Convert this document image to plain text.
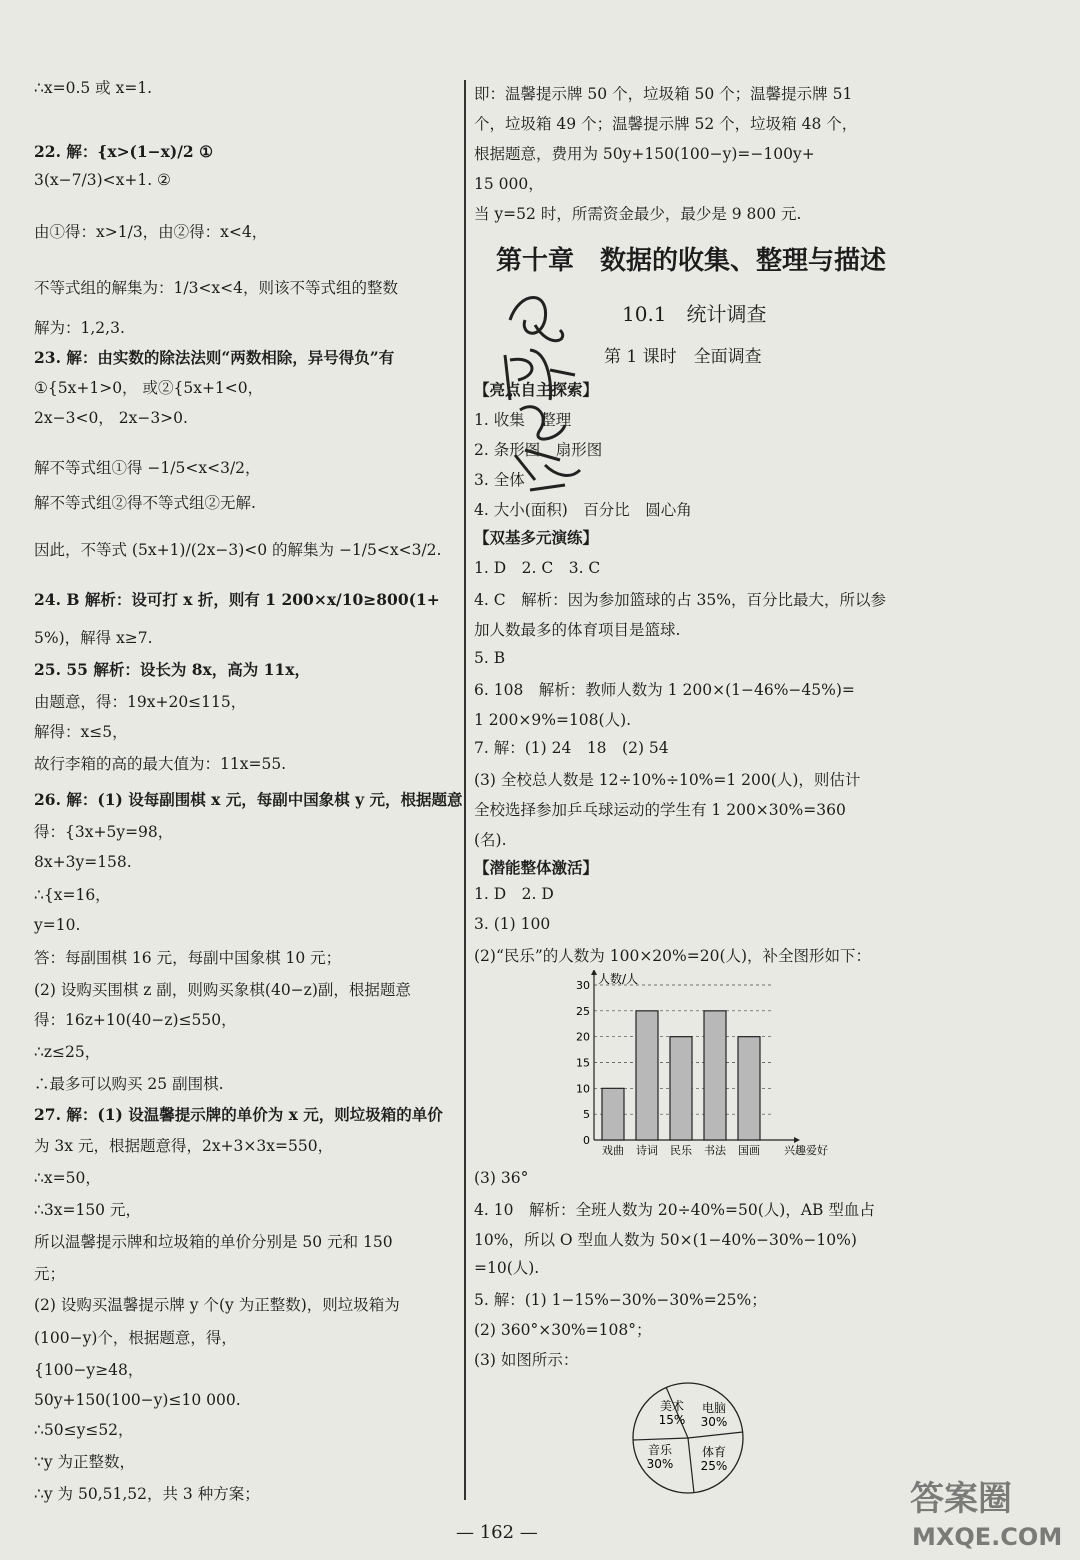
∴x=0.5 或 x=1.
22. 解：{x>(1−x)/2 ①
3(x−7/3)<x+1. ②
由①得：x>1/3，由②得：x<4，
不等式组的解集为：1/3<x<4，则该不等式组的整数
解为：1,2,3.
23. 解：由实数的除法法则“两数相除，异号得负”有
①{5x+1>0， 或②{5x+1<0，
2x−3<0， 2x−3>0.
解不等式组①得 −1/5<x<3/2，
解不等式组②得不等式组②无解.
因此，不等式 (5x+1)/(2x−3)<0 的解集为 −1/5<x<3/2.
24. B 解析：设可打 x 折，则有 1 200×x/10≥800(1+
5%)，解得 x≥7.
25. 55 解析：设长为 8x，高为 11x，
由题意，得：19x+20≤115，
解得：x≤5，
故行李箱的高的最大值为：11x=55.
26. 解：(1) 设每副围棋 x 元，每副中国象棋 y 元，根据题意
得：{3x+5y=98，
8x+3y=158.
∴{x=16，
y=10.
答：每副围棋 16 元，每副中国象棋 10 元；
(2) 设购买围棋 z 副，则购买象棋(40−z)副，根据题意
得：16z+10(40−z)≤550，
∴z≤25，
∴最多可以购买 25 副围棋.
27. 解：(1) 设温馨提示牌的单价为 x 元，则垃圾箱的单价
为 3x 元，根据题意得，2x+3×3x=550，
∴x=50，
∴3x=150 元，
所以温馨提示牌和垃圾箱的单价分别是 50 元和 150
元；
(2) 设购买温馨提示牌 y 个(y 为正整数)，则垃圾箱为
(100−y)个，根据题意，得，
{100−y≥48，
50y+150(100−y)≤10 000.
∴50≤y≤52，
∵y 为正整数，
∴y 为 50,51,52，共 3 种方案；
第十章　数据的收集、整理与描述
10.1　统计调查
第 1 课时　全面调查
0
5
10
15
20
25
30 人数/人
戏曲 诗词 民乐 书法 国画 兴趣爱好
电脑
30%
体育
25%
音乐
30%
美术
15%
即：温馨提示牌 50 个，垃圾箱 50 个；温馨提示牌 51
个，垃圾箱 49 个；温馨提示牌 52 个，垃圾箱 48 个，
根据题意，费用为 50y+150(100−y)=−100y+
15 000，
当 y=52 时，所需资金最少，最少是 9 800 元.
【亮点自主探索】
1. 收集　整理
2. 条形图　扇形图
3. 全体
4. 大小(面积)　百分比　圆心角
【双基多元演练】
1. D　2. C　3. C
4. C　解析：因为参加篮球的占 35%，百分比最大，所以参
加人数最多的体育项目是篮球.
5. B
6. 108　解析：教师人数为 1 200×(1−46%−45%)=
1 200×9%=108(人).
7. 解：(1) 24　18　(2) 54
(3) 全校总人数是 12÷10%÷10%=1 200(人)，则估计
全校选择参加乒乓球运动的学生有 1 200×30%=360
(名).
【潜能整体激活】
1. D　2. D
3. (1) 100
(2)“民乐”的人数为 100×20%=20(人)，补全图形如下：
(3) 36°
4. 10　解析：全班人数为 20÷40%=50(人)，AB 型血占
10%，所以 O 型血人数为 50×(1−40%−30%−10%)
=10(人).
5. 解：(1) 1−15%−30%−30%=25%；
(2) 360°×30%=108°；
(3) 如图所示：
— 162 —
答案圈
MXQE.COM
